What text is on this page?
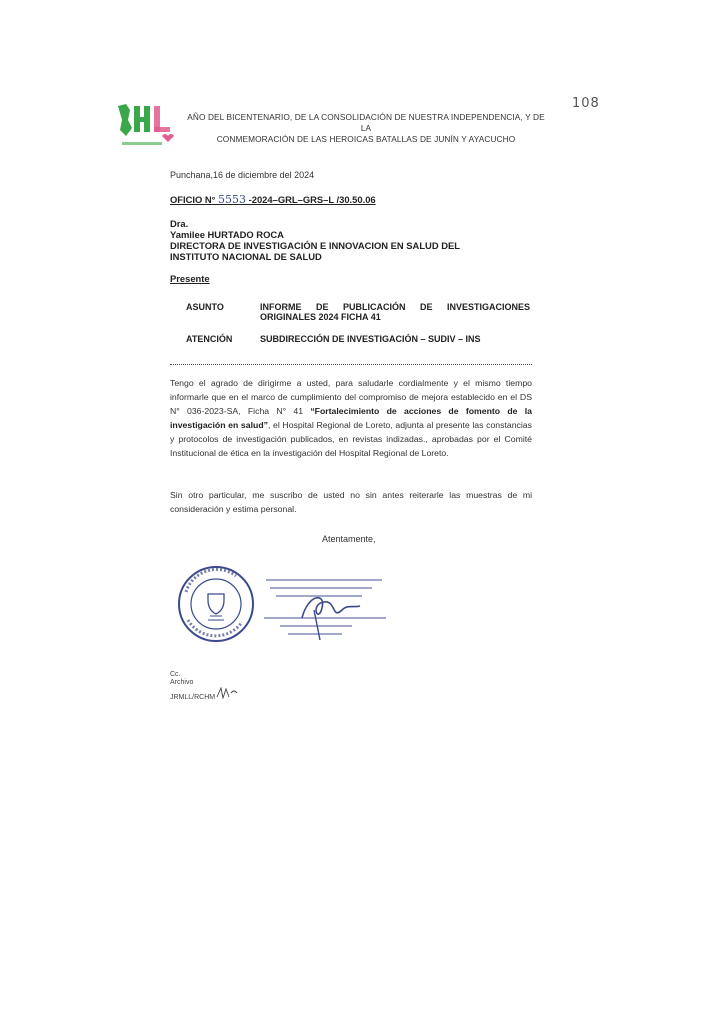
AÑO DEL BICENTENARIO, DE LA CONSOLIDACIÓN DE NUESTRA INDEPENDENCIA, Y DE LA
CONMEMORACIÓN DE LAS HEROICAS BATALLAS DE JUNÍN Y AYACUCHO
108
Punchana,16 de diciembre del 2024
OFICIO N° 5553 -2024–GRL–GRS–L /30.50.06
Dra.
Yamilee HURTADO ROCA
DIRECTORA DE INVESTIGACIÓN E INNOVACION EN SALUD DEL
INSTITUTO NACIONAL DE SALUD
Presente
ASUNTO	INFORME DE PUBLICACIÓN DE INVESTIGACIONES ORIGINALES 2024 FICHA 41
ATENCIÓN	SUBDIRECCIÓN DE INVESTIGACIÓN – SUDIV – INS
Tengo el agrado de dirigirme a usted, para saludarle cordialmente y el mismo tiempo informarle que en el marco de cumplimiento del compromiso de mejora establecido en el DS N° 036-2023-SA, Ficha N° 41 “Fortalecimiento de acciones de fomento de la investigación en salud”, el Hospital Regional de Loreto, adjunta al presente las constancias y protocolos de investigación publicados, en revistas indizadas., aprobadas por el Comité Institucional de ética en la investigación del Hospital Regional de Loreto.
Sin otro particular, me suscribo de usted no sin antes reiterarle las muestras de mi consideración y estima personal.
Atentamente,
Cc.
Archivo
JRMLL/RCHM
